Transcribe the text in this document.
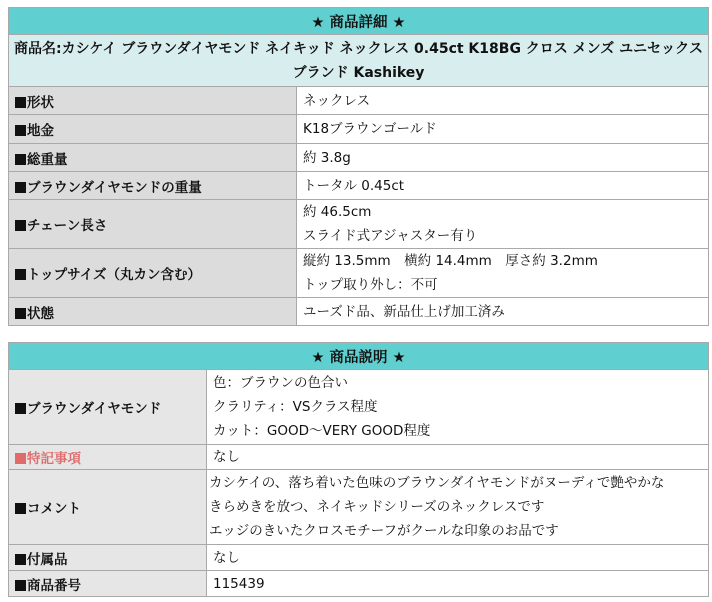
★ 商品詳細 ★	
商品名:カシケイ ブラウンダイヤモンド ネイキッド ネックレス 0.45ct K18BG クロス メンズ ユニセックス ブランド Kashikey	
形状	ネックレス

地金	K18ブラウンゴールド

総重量	約 3.8g

ブラウンダイヤモンドの重量	トータル 0.45ct

チェーン長さ	約 46.5cm
スライド式アジャスター有り

トップサイズ（丸カン含む）	縦約 13.5mm　横約 14.4mm　厚さ約 3.2mm
トップ取り外し：不可

状態	ユーズド品、新品仕上げ加工済み
★ 商品説明 ★	
ブラウンダイヤモンド	色：ブラウンの色合い
クラリティ：VSクラス程度
カット：GOOD～VERY GOOD程度

特記事項	なし

コメント	カシケイの、落ち着いた色味のブラウンダイヤモンドがヌーディで艶やかな
きらめきを放つ、ネイキッドシリーズのネックレスです
エッジのきいたクロスモチーフがクールな印象のお品です

付属品	なし

商品番号	115439
